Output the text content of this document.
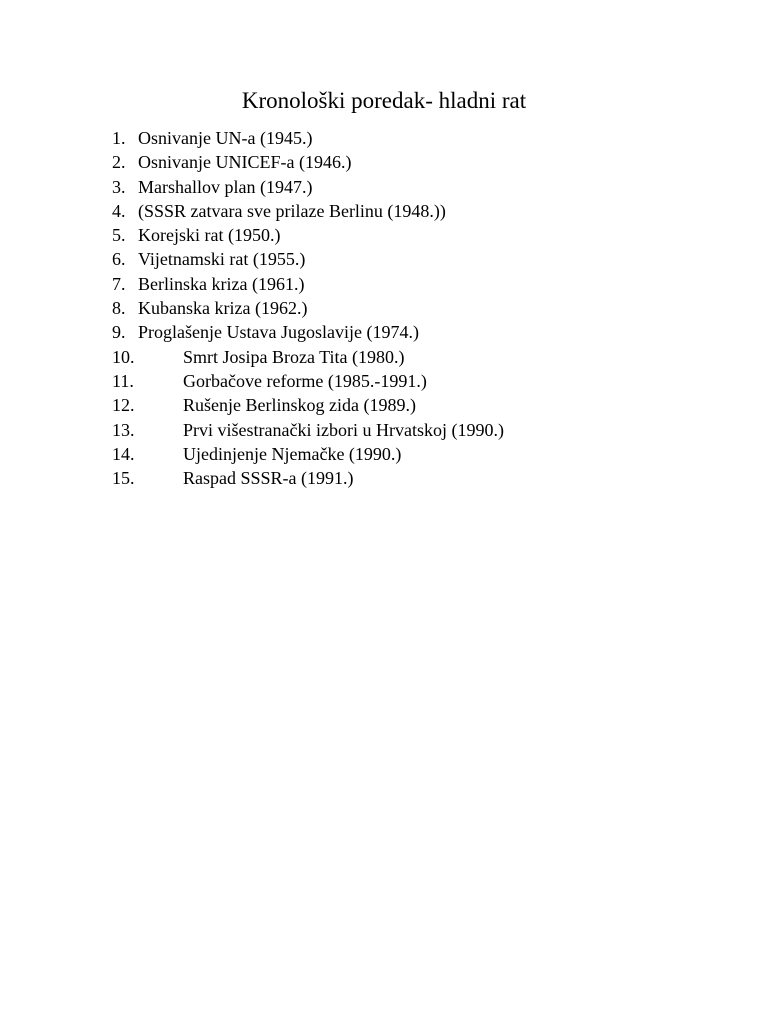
Kronološki poredak- hladni rat
1. Osnivanje UN-a (1945.)
2. Osnivanje UNICEF-a (1946.)
3. Marshallov plan (1947.)
4. (SSSR zatvara sve prilaze Berlinu (1948.))
5. Korejski rat (1950.)
6. Vijetnamski rat (1955.)
7. Berlinska kriza (1961.)
8. Kubanska kriza (1962.)
9. Proglašenje Ustava Jugoslavije (1974.)
10.	Smrt Josipa Broza Tita (1980.)
11.	Gorbačove reforme (1985.-1991.)
12.	Rušenje Berlinskog zida (1989.)
13.	Prvi višestranački izbori u Hrvatskoj (1990.)
14.	Ujedinjenje Njemačke (1990.)
15.	Raspad SSSR-a (1991.)
